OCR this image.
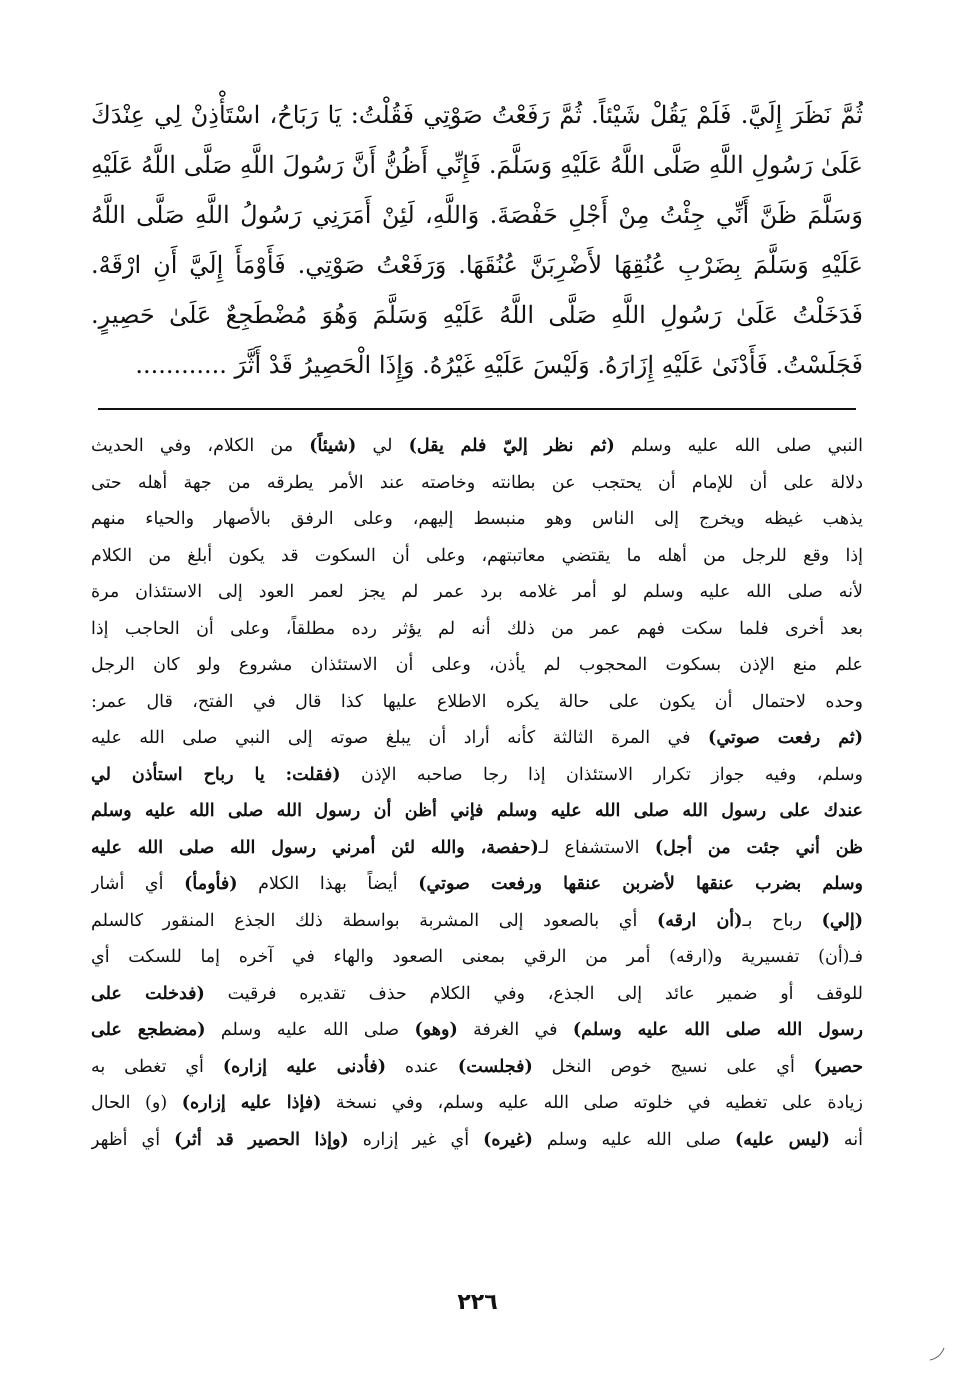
ثُمَّ نَظَرَ إِلَيَّ. فَلَمْ يَقُلْ شَيْئاً. ثُمَّ رَفَعْتُ صَوْتِي فَقُلْتُ: يَا رَبَاحُ، اسْتَأْذِنْ لِي عِنْدَكَ
عَلَىٰ رَسُولِ اللَّهِ صَلَّى اللَّهُ عَلَيْهِ وَسَلَّمَ. فَإِنِّي أَظُنُّ أَنَّ رَسُولَ اللَّهِ صَلَّى اللَّهُ عَلَيْهِ
وَسَلَّمَ ظَنَّ أَنِّي جِئْتُ مِنْ أَجْلِ حَفْصَةَ. وَاللَّهِ، لَئِنْ أَمَرَنِي رَسُولُ اللَّهِ صَلَّى اللَّهُ
عَلَيْهِ وَسَلَّمَ بِضَرْبِ عُنُقِهَا لأَضْرِبَنَّ عُنُقَهَا. وَرَفَعْتُ صَوْتِي. فَأَوْمَأَ إِلَيَّ أَنِ ارْقَهْ.
فَدَخَلْتُ عَلَىٰ رَسُولِ اللَّهِ صَلَّى اللَّهُ عَلَيْهِ وَسَلَّمَ وَهُوَ مُضْطَجِعٌ عَلَىٰ حَصِيرٍ.
فَجَلَسْتُ. فَأَدْنَىٰ عَلَيْهِ إِزَارَهُ. وَلَيْسَ عَلَيْهِ غَيْرُهُ. وَإِذَا الْحَصِيرُ قَدْ أَثَّرَ ............
النبي صلى الله عليه وسلم (ثم نظر إليّ فلم يقل) لي (شيئاً) من الكلام، وفي الحديث
دلالة على أن للإمام أن يحتجب عن بطانته وخاصته عند الأمر يطرقه من جهة أهله حتى
يذهب غيظه ويخرج إلى الناس وهو منبسط إليهم، وعلى الرفق بالأصهار والحياء منهم
إذا وقع للرجل من أهله ما يقتضي معاتبتهم، وعلى أن السكوت قد يكون أبلغ من الكلام
لأنه صلى الله عليه وسلم لو أمر غلامه برد عمر لم يجز لعمر العود إلى الاستئذان مرة
بعد أخرى فلما سكت فهم عمر من ذلك أنه لم يؤثر رده مطلقاً، وعلى أن الحاجب إذا
علم منع الإذن بسكوت المحجوب لم يأذن، وعلى أن الاستئذان مشروع ولو كان الرجل
وحده لاحتمال أن يكون على حالة يكره الاطلاع عليها كذا قال في الفتح، قال عمر:
(ثم رفعت صوتي) في المرة الثالثة كأنه أراد أن يبلغ صوته إلى النبي صلى الله عليه
وسلم، وفيه جواز تكرار الاستئذان إذا رجا صاحبه الإذن (فقلت: يا رباح استأذن لي
عندك على رسول الله صلى الله عليه وسلم فإني أظن أن رسول الله صلى الله عليه وسلم
ظن أني جئت من أجل) الاستشفاع لـ(حفصة، والله لئن أمرني رسول الله صلى الله عليه
وسلم بضرب عنقها لأضربن عنقها ورفعت صوتي) أيضاً بهذا الكلام (فأومأ) أي أشار
(إلي) رباح بـ(أن ارقه) أي بالصعود إلى المشربة بواسطة ذلك الجذع المنقور كالسلم
فـ(أن) تفسيرية و(ارقه) أمر من الرقي بمعنى الصعود والهاء في آخره إما للسكت أي
للوقف أو ضمير عائد إلى الجذع، وفي الكلام حذف تقديره فرقيت (فدخلت على
رسول الله صلى الله عليه وسلم) في الغرفة (وهو) صلى الله عليه وسلم (مضطجع على
حصير) أي على نسيج خوص النخل (فجلست) عنده (فأدنى عليه إزاره) أي تغطى به
زيادة على تغطيه في خلوته صلى الله عليه وسلم، وفي نسخة (فإذا عليه إزاره) (و) الحال
أنه (ليس عليه) صلى الله عليه وسلم (غيره) أي غير إزاره (وإذا الحصير قد أثر) أي أظهر
٢٢٦
